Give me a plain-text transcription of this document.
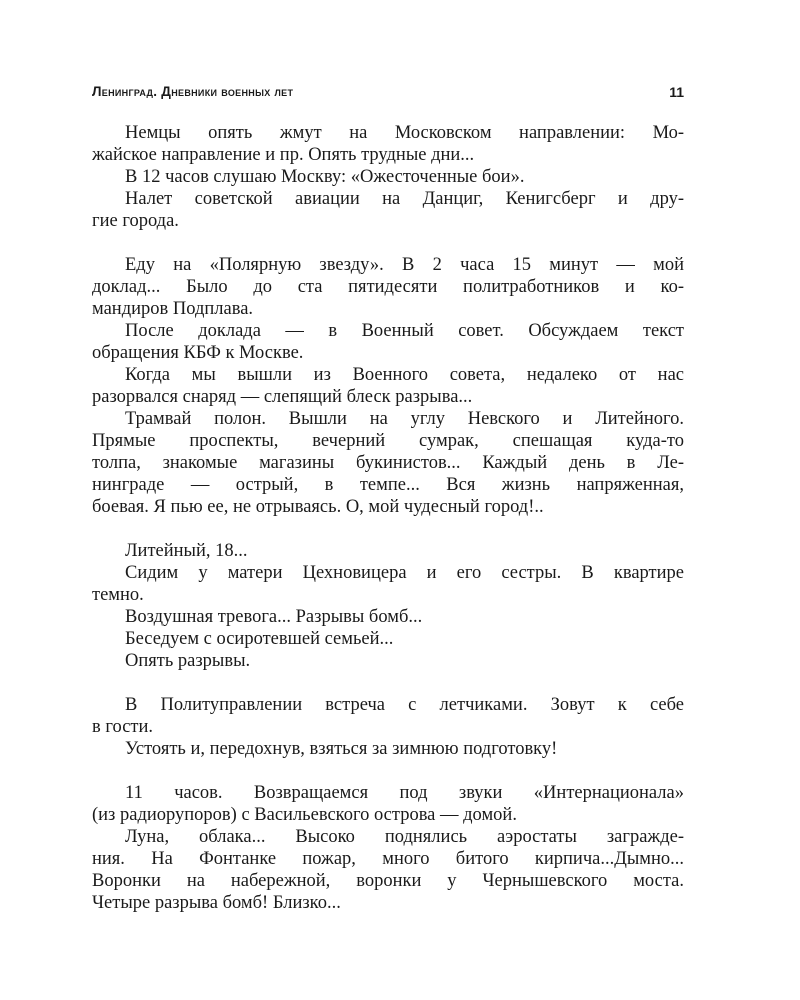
Ленинград. Дневники военных лет	11
Немцы опять жмут на Московском направлении: Мо-
жайское направление и пр. Опять трудные дни...
В 12 часов слушаю Москву: «Ожесточенные бои».
Налет советской авиации на Данциг, Кенигсберг и дру-
гие города.
Еду на «Полярную звезду». В 2 часа 15 минут — мой
доклад... Было до ста пятидесяти политработников и ко-
мандиров Подплава.
После доклада — в Военный совет. Обсуждаем текст
обращения КБФ к Москве.
Когда мы вышли из Военного совета, недалеко от нас
разорвался снаряд — слепящий блеск разрыва...
Трамвай полон. Вышли на углу Невского и Литейного.
Прямые проспекты, вечерний сумрак, спешащая куда-то
толпа, знакомые магазины букинистов... Каждый день в Ле-
нинграде — острый, в темпе... Вся жизнь напряженная,
боевая. Я пью ее, не отрываясь. О, мой чудесный город!..
Литейный, 18...
Сидим у матери Цехновицера и его сестры. В квартире
темно.
Воздушная тревога... Разрывы бомб...
Беседуем с осиротевшей семьей...
Опять разрывы.
В Политуправлении встреча с летчиками. Зовут к себе
в гости.
Устоять и, передохнув, взяться за зимнюю подготовку!
11 часов. Возвращаемся под звуки «Интернационала»
(из радиорупоров) с Васильевского острова — домой.
Луна, облака... Высоко поднялись аэростаты загражде-
ния. На Фонтанке пожар, много битого кирпича...Дымно...
Воронки на набережной, воронки у Чернышевского моста.
Четыре разрыва бомб! Близко...
